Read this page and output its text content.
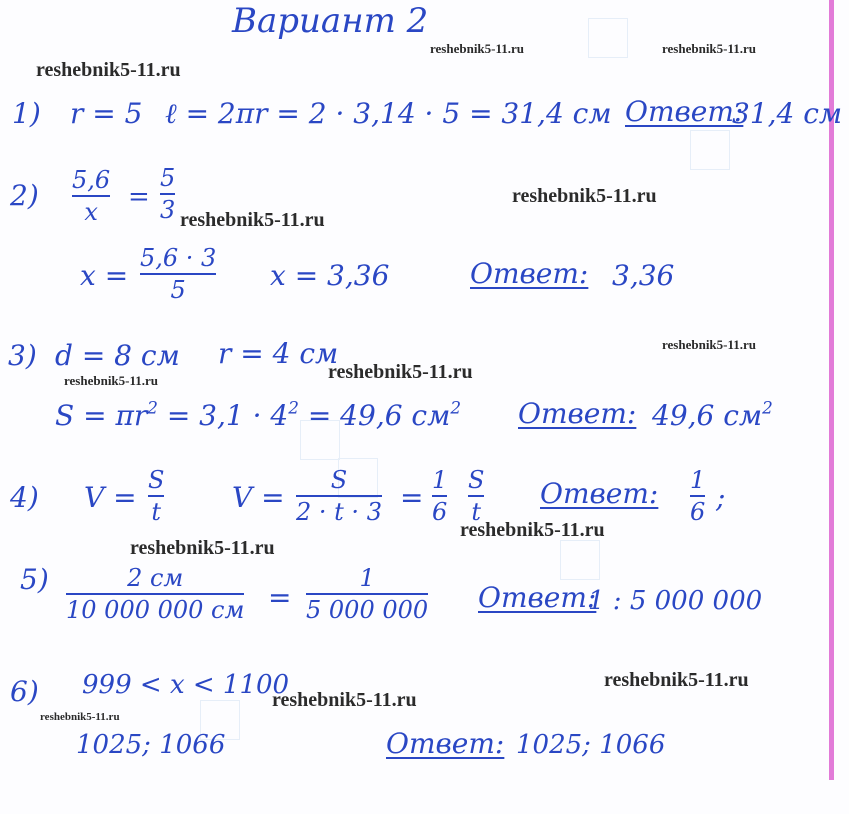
Вариант 2
1) r = 5 ℓ = 2πr = 2 · 3,14 · 5 = 31,4 см Ответ:
31,4 см
2) 5,6
x =
5
3
x =
5,6 · 3
5	x = 3,36	Ответ: 3,36
3) d = 8 см r = 4 см
$S = \pi r^2 = 3,1 \cdot 4^2 = 49,6$ $см^2$ Ответ: 49,6 $см^2$
4) V =
S
t	V =
S
2 · t · 3 =
1
6
S
t
Ответ: 1
6 ;
5)	2 см
10 000 000 см =
1
5 000 000 Ответ:
1 : 5 000 000
6) 999 < x < 1100
1025; 1066	Ответ: 1025; 1066
reshebnik5-11.ru	reshebnik5-11.ru
reshebnik5-11.ru
reshebnik5-11.ru
reshebnik5-11.ru
reshebnik5-11.ru
reshebnik5-11.ru
reshebnik5-11.ru
reshebnik5-11.ru
reshebnik5-11.ru
reshebnik5-11.ru
reshebnik5-11.ru
reshebnik5-11.ru
